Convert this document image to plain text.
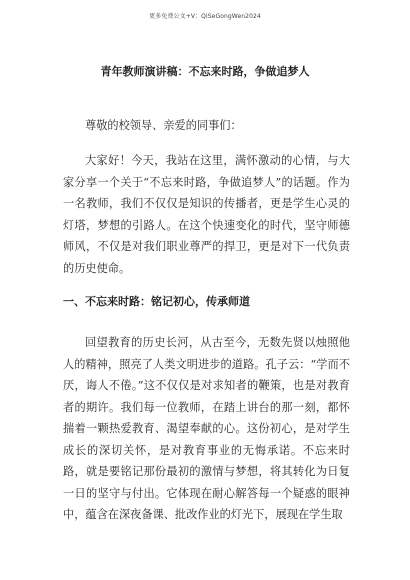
更多免费公文+V：QiSeGongWen2024
青年教师演讲稿：不忘来时路，争做追梦人

尊敬的校领导、亲爱的同事们：

大家好！今天，我站在这里，满怀激动的心情，与大家分享一个关于“不忘来时路，争做追梦人”的话题。作为一名教师，我们不仅仅是知识的传播者，更是学生心灵的灯塔，梦想的引路人。在这个快速变化的时代，坚守师德师风，不仅是对我们职业尊严的捍卫，更是对下一代负责的历史使命。

一、不忘来时路：铭记初心，传承师道

回望教育的历史长河，从古至今，无数先贤以烛照他人的精神，照亮了人类文明进步的道路。孔子云：“学而不厌，诲人不倦。”这不仅仅是对求知者的鞭策，也是对教育者的期许。我们每一位教师，在踏上讲台的那一刻，都怀揣着一颗热爱教育、渴望奉献的心。这份初心，是对学生成长的深切关怀，是对教育事业的无悔承诺。不忘来时路，就是要铭记那份最初的激情与梦想，将其转化为日复一日的坚守与付出。它体现在耐心解答每一个疑惑的眼神中，蕴含在深夜备课、批改作业的灯光下，展现在学生取
